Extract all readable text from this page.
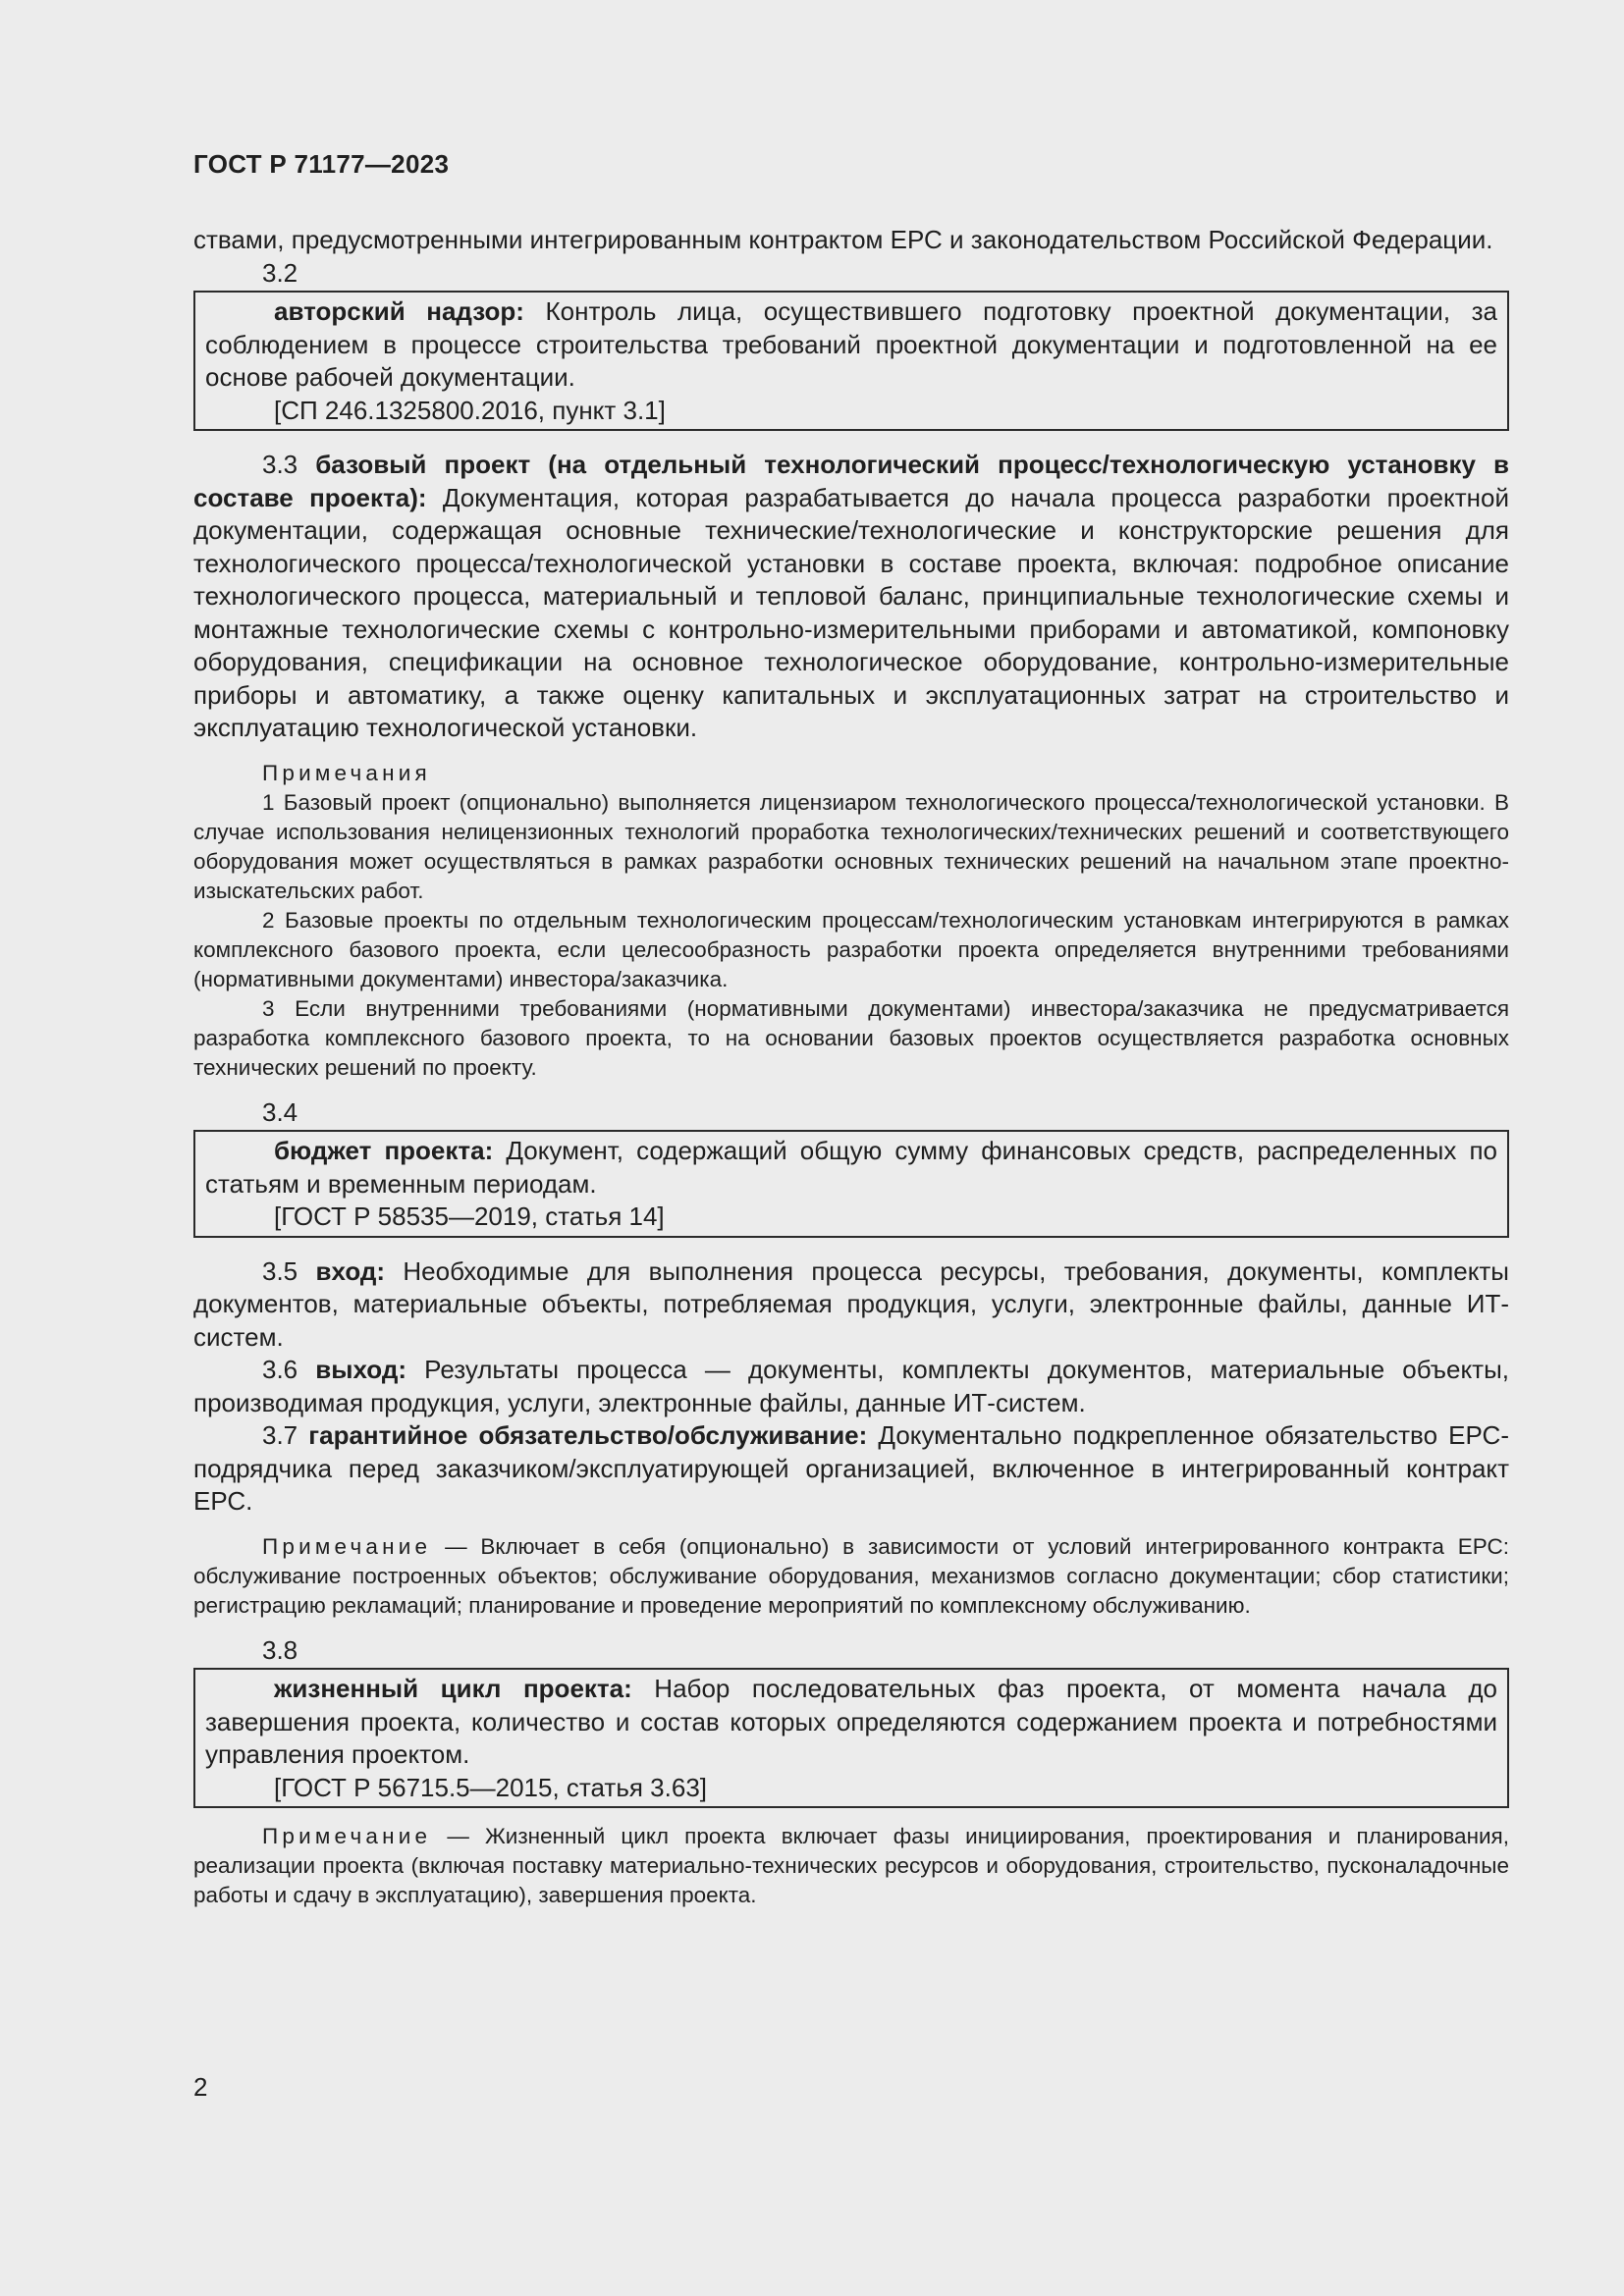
ГОСТ Р 71177—2023

ствами, предусмотренными интегрированным контрактом ЕРС и законодательством Российской Федерации.

3.2

авторский надзор: Контроль лица, осуществившего подготовку проектной документации, за соблюдением в процессе строительства требований проектной документации и подготовленной на ее основе рабочей документации.

[СП 246.1325800.2016, пункт 3.1]

3.3 базовый проект (на отдельный технологический процесс/технологическую установку в составе проекта): Документация, которая разрабатывается до начала процесса разработки проектной документации, содержащая основные технические/технологические и конструкторские решения для технологического процесса/технологической установки в составе проекта, включая: подробное описание технологического процесса, материальный и тепловой баланс, принципиальные технологические схемы и монтажные технологические схемы с контрольно-измерительными приборами и автоматикой, компоновку оборудования, спецификации на основное технологическое оборудование, контрольно-измерительные приборы и автоматику, а также оценку капитальных и эксплуатационных затрат на строительство и эксплуатацию технологической установки.

Примечания

1 Базовый проект (опционально) выполняется лицензиаром технологического процесса/технологической установки. В случае использования нелицензионных технологий проработка технологических/технических решений и соответствующего оборудования может осуществляться в рамках разработки основных технических решений на начальном этапе проектно-изыскательских работ.

2 Базовые проекты по отдельным технологическим процессам/технологическим установкам интегрируются в рамках комплексного базового проекта, если целесообразность разработки проекта определяется внутренними требованиями (нормативными документами) инвестора/заказчика.

3 Если внутренними требованиями (нормативными документами) инвестора/заказчика не предусматривается разработка комплексного базового проекта, то на основании базовых проектов осуществляется разработка основных технических решений по проекту.

3.4

бюджет проекта: Документ, содержащий общую сумму финансовых средств, распределенных по статьям и временным периодам.

[ГОСТ Р 58535—2019, статья 14]

3.5 вход: Необходимые для выполнения процесса ресурсы, требования, документы, комплекты документов, материальные объекты, потребляемая продукция, услуги, электронные файлы, данные ИТ-систем.

3.6 выход: Результаты процесса — документы, комплекты документов, материальные объекты, производимая продукция, услуги, электронные файлы, данные ИТ-систем.

3.7 гарантийное обязательство/обслуживание: Документально подкрепленное обязательство ЕРС-подрядчика перед заказчиком/эксплуатирующей организацией, включенное в интегрированный контракт ЕРС.

Примечание — Включает в себя (опционально) в зависимости от условий интегрированного контракта ЕРС: обслуживание построенных объектов; обслуживание оборудования, механизмов согласно документации; сбор статистики; регистрацию рекламаций; планирование и проведение мероприятий по комплексному обслуживанию.

3.8

жизненный цикл проекта: Набор последовательных фаз проекта, от момента начала до завершения проекта, количество и состав которых определяются содержанием проекта и потребностями управления проектом.

[ГОСТ Р 56715.5—2015, статья 3.63]

Примечание — Жизненный цикл проекта включает фазы инициирования, проектирования и планирования, реализации проекта (включая поставку материально-технических ресурсов и оборудования, строительство, пусконаладочные работы и сдачу в эксплуатацию), завершения проекта.

2
